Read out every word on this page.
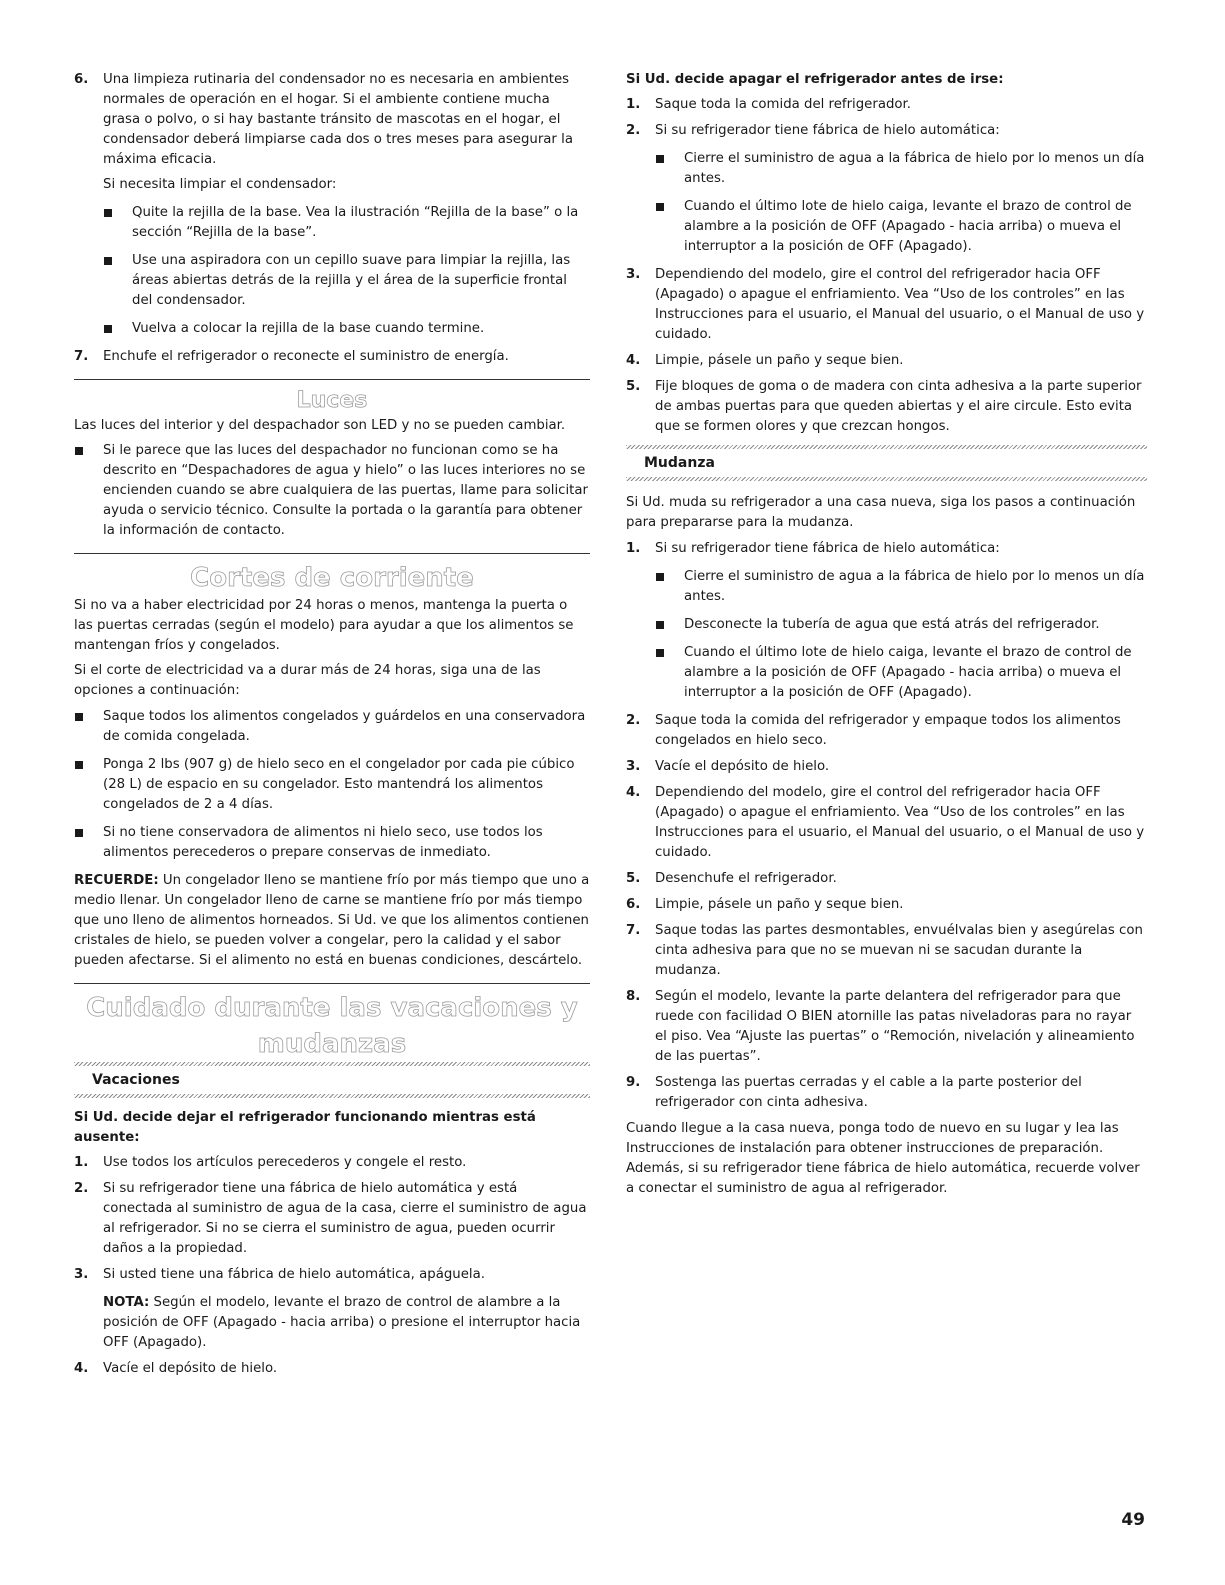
6. Una limpieza rutinaria del condensador no es necesaria en ambientes normales de operación en el hogar. Si el ambiente contiene mucha grasa o polvo, o si hay bastante tránsito de mascotas en el hogar, el condensador deberá limpiarse cada dos o tres meses para asegurar la máxima eficacia.

Si necesita limpiar el condensador:

Quite la rejilla de la base. Vea la ilustración “Rejilla de la base” o la sección “Rejilla de la base”.
Use una aspiradora con un cepillo suave para limpiar la rejilla, las áreas abiertas detrás de la rejilla y el área de la superficie frontal del condensador.
Vuelva a colocar la rejilla de la base cuando termine.
7. Enchufe el refrigerador o reconecte el suministro de energía.

Luces

Las luces del interior y del despachador son LED y no se pueden cambiar.

Si le parece que las luces del despachador no funcionan como se ha descrito en “Despachadores de agua y hielo” o las luces interiores no se encienden cuando se abre cualquiera de las puertas, llame para solicitar ayuda o servicio técnico. Consulte la portada o la garantía para obtener la información de contacto.
Cortes de corriente

Si no va a haber electricidad por 24 horas o menos, mantenga la puerta o las puertas cerradas (según el modelo) para ayudar a que los alimentos se mantengan fríos y congelados.

Si el corte de electricidad va a durar más de 24 horas, siga una de las opciones a continuación:

Saque todos los alimentos congelados y guárdelos en una conservadora de comida congelada.
Ponga 2 lbs (907 g) de hielo seco en el congelador por cada pie cúbico (28 L) de espacio en su congelador. Esto mantendrá los alimentos congelados de 2 a 4 días.
Si no tiene conservadora de alimentos ni hielo seco, use todos los alimentos perecederos o prepare conservas de inmediato.

RECUERDE: Un congelador lleno se mantiene frío por más tiempo que uno a medio llenar. Un congelador lleno de carne se mantiene frío por más tiempo que uno lleno de alimentos horneados. Si Ud. ve que los alimentos contienen cristales de hielo, se pueden volver a congelar, pero la calidad y el sabor pueden afectarse. Si el alimento no está en buenas condiciones, descártelo.

Cuidado durante las vacaciones y mudanzas
Vacaciones

Si Ud. decide dejar el refrigerador funcionando mientras está ausente:

1. Use todos los artículos perecederos y congele el resto.

2. Si su refrigerador tiene una fábrica de hielo automática y está conectada al suministro de agua de la casa, cierre el suministro de agua al refrigerador. Si no se cierra el suministro de agua, pueden ocurrir daños a la propiedad.

3. Si usted tiene una fábrica de hielo automática, apáguela.

NOTA: Según el modelo, levante el brazo de control de alambre a la posición de OFF (Apagado - hacia arriba) o presione el interruptor hacia OFF (Apagado).

4. Vacíe el depósito de hielo.

Si Ud. decide apagar el refrigerador antes de irse:

1. Saque toda la comida del refrigerador.

2. Si su refrigerador tiene fábrica de hielo automática:

Cierre el suministro de agua a la fábrica de hielo por lo menos un día antes.
Cuando el último lote de hielo caiga, levante el brazo de control de alambre a la posición de OFF (Apagado - hacia arriba) o mueva el interruptor a la posición de OFF (Apagado).
3. Dependiendo del modelo, gire el control del refrigerador hacia OFF (Apagado) o apague el enfriamiento. Vea “Uso de los controles” en las Instrucciones para el usuario, el Manual del usuario, o el Manual de uso y cuidado.

4. Limpie, pásele un paño y seque bien.

5. Fije bloques de goma o de madera con cinta adhesiva a la parte superior de ambas puertas para que queden abiertas y el aire circule. Esto evita que se formen olores y que crezcan hongos.

Mudanza

Si Ud. muda su refrigerador a una casa nueva, siga los pasos a continuación para prepararse para la mudanza.

1. Si su refrigerador tiene fábrica de hielo automática:

Cierre el suministro de agua a la fábrica de hielo por lo menos un día antes.
Desconecte la tubería de agua que está atrás del refrigerador.
Cuando el último lote de hielo caiga, levante el brazo de control de alambre a la posición de OFF (Apagado - hacia arriba) o mueva el interruptor a la posición de OFF (Apagado).
2. Saque toda la comida del refrigerador y empaque todos los alimentos congelados en hielo seco.

3. Vacíe el depósito de hielo.

4. Dependiendo del modelo, gire el control del refrigerador hacia OFF (Apagado) o apague el enfriamiento. Vea “Uso de los controles” en las Instrucciones para el usuario, el Manual del usuario, o el Manual de uso y cuidado.

5. Desenchufe el refrigerador.

6. Limpie, pásele un paño y seque bien.

7. Saque todas las partes desmontables, envuélvalas bien y asegúrelas con cinta adhesiva para que no se muevan ni se sacudan durante la mudanza.

8. Según el modelo, levante la parte delantera del refrigerador para que ruede con facilidad O BIEN atornille las patas niveladoras para no rayar el piso. Vea “Ajuste las puertas” o “Remoción, nivelación y alineamiento de las puertas”.

9. Sostenga las puertas cerradas y el cable a la parte posterior del refrigerador con cinta adhesiva.

Cuando llegue a la casa nueva, ponga todo de nuevo en su lugar y lea las Instrucciones de instalación para obtener instrucciones de preparación. Además, si su refrigerador tiene fábrica de hielo automática, recuerde volver a conectar el suministro de agua al refrigerador.

49
